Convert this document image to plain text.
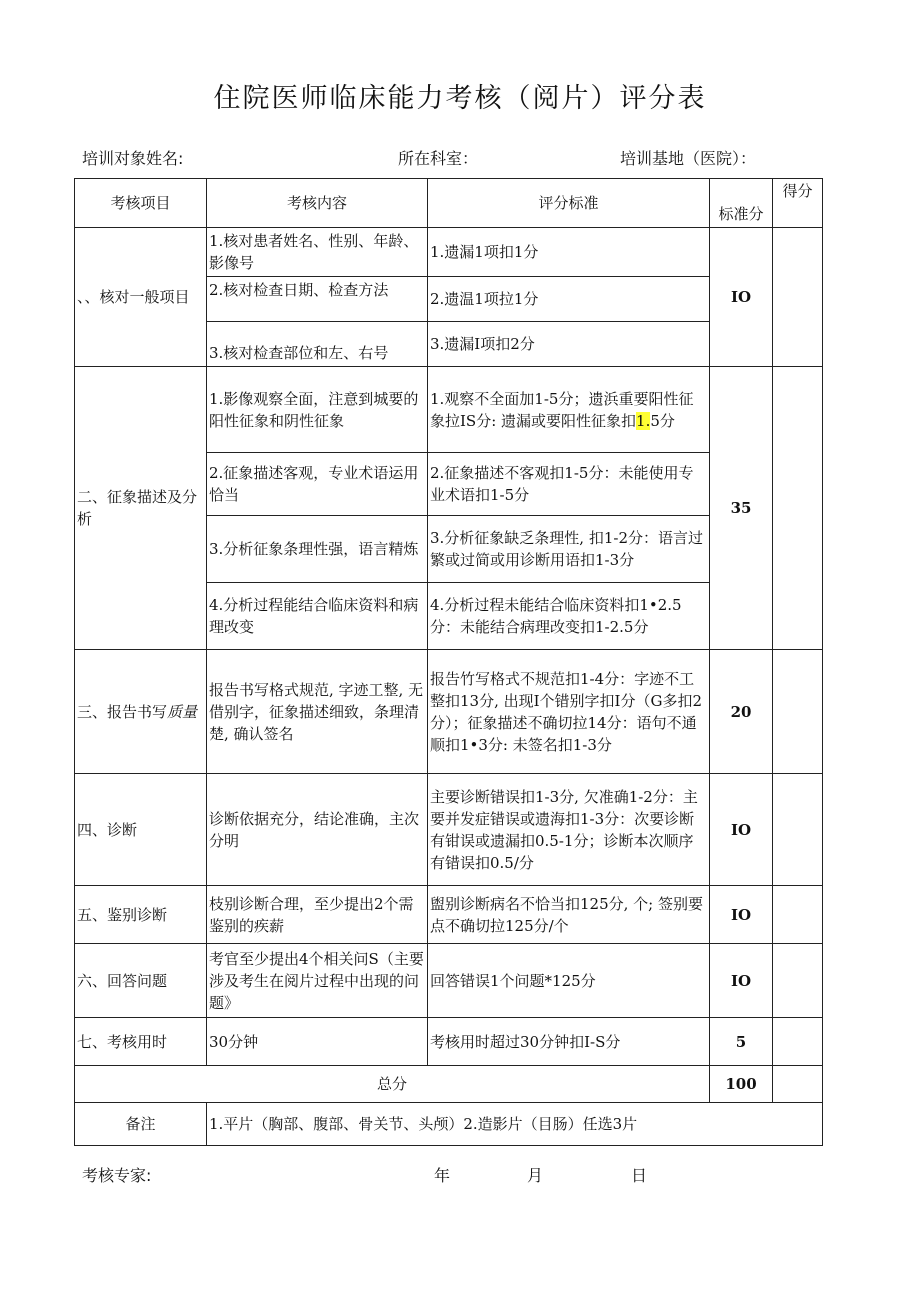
住院医师临床能力考核（阅片）评分表
培训对象姓名:	所在科室：	培训基地（医院）：
考核项目	考核内容	评分标准	标准分	得分

、、核对一般项目	1.核对患者姓名、性别、年龄、影像号	1.遗漏1项扣1分	IO	
	2.核对检查日期、检查方法	2.遗温1项拉1分		
	3.核对检查部位和左、右号	3.遗漏I项扣2分		
二、征象描述及分析	1.影像观察全面，注意到城要的阳性征象和阴性征象	1.观察不全面加1-5分；遗浜重要阳性征象拉IS分: 遗漏或要阳性征象扣1.5分	35	
	2.征象描述客观，专业术语运用恰当	2.征象描述不客观扣1-5分：未能使用专业术语扣1-5分		
	3.分析征象条理性强，语言精炼	3.分析征象缺乏条理性, 扣1-2分：语言过繁或过简或用诊断用语扣1-3分		
	4.分析过程能结合临床资料和病理改变	4.分析过程未能结合临床资料扣1•2.5分：未能结合病理改变扣1-2.5分		
三、报告书写质量	报告书写格式规范, 字迹工整, 无借别字，征象描述细致，条理清楚, 确认签名	报告竹写格式不规范扣1-4分：字迹不工整扣13分, 出现I个错别字扣I分（G多扣2分）；征象描述不确切拉14分：语句不通顺扣1•3分: 未签名扣1-3分	20	
四、诊断	诊断依据充分，结论准确，主次分明	主要诊断错误扣1-3分, 欠准确1-2分：主要并发症错误或遗海扣1-3分：次要诊断有钳误或遗漏扣0.5-1分；诊断本次顺序有错误扣0.5/分	IO	
五、鉴别诊断	枝别诊断合理，至少提出2个需鉴别的疾薪	盥别诊断病名不恰当扣125分, 个; 签别要点不确切拉125分/个	IO	
六、回答问题	考官至少提出4个相关问S（主要涉及考生在阅片过程中出现的问题》	回答错误1个问题*125分	IO	
七、考核用时	30分钟	考核用时超过30分钟扣I-S分	5	
总分			100	
备注	1.平片（胸部、腹部、骨关节、头颅）2.造影片（目肠）任选3片			
考核专家:	年	月	日
